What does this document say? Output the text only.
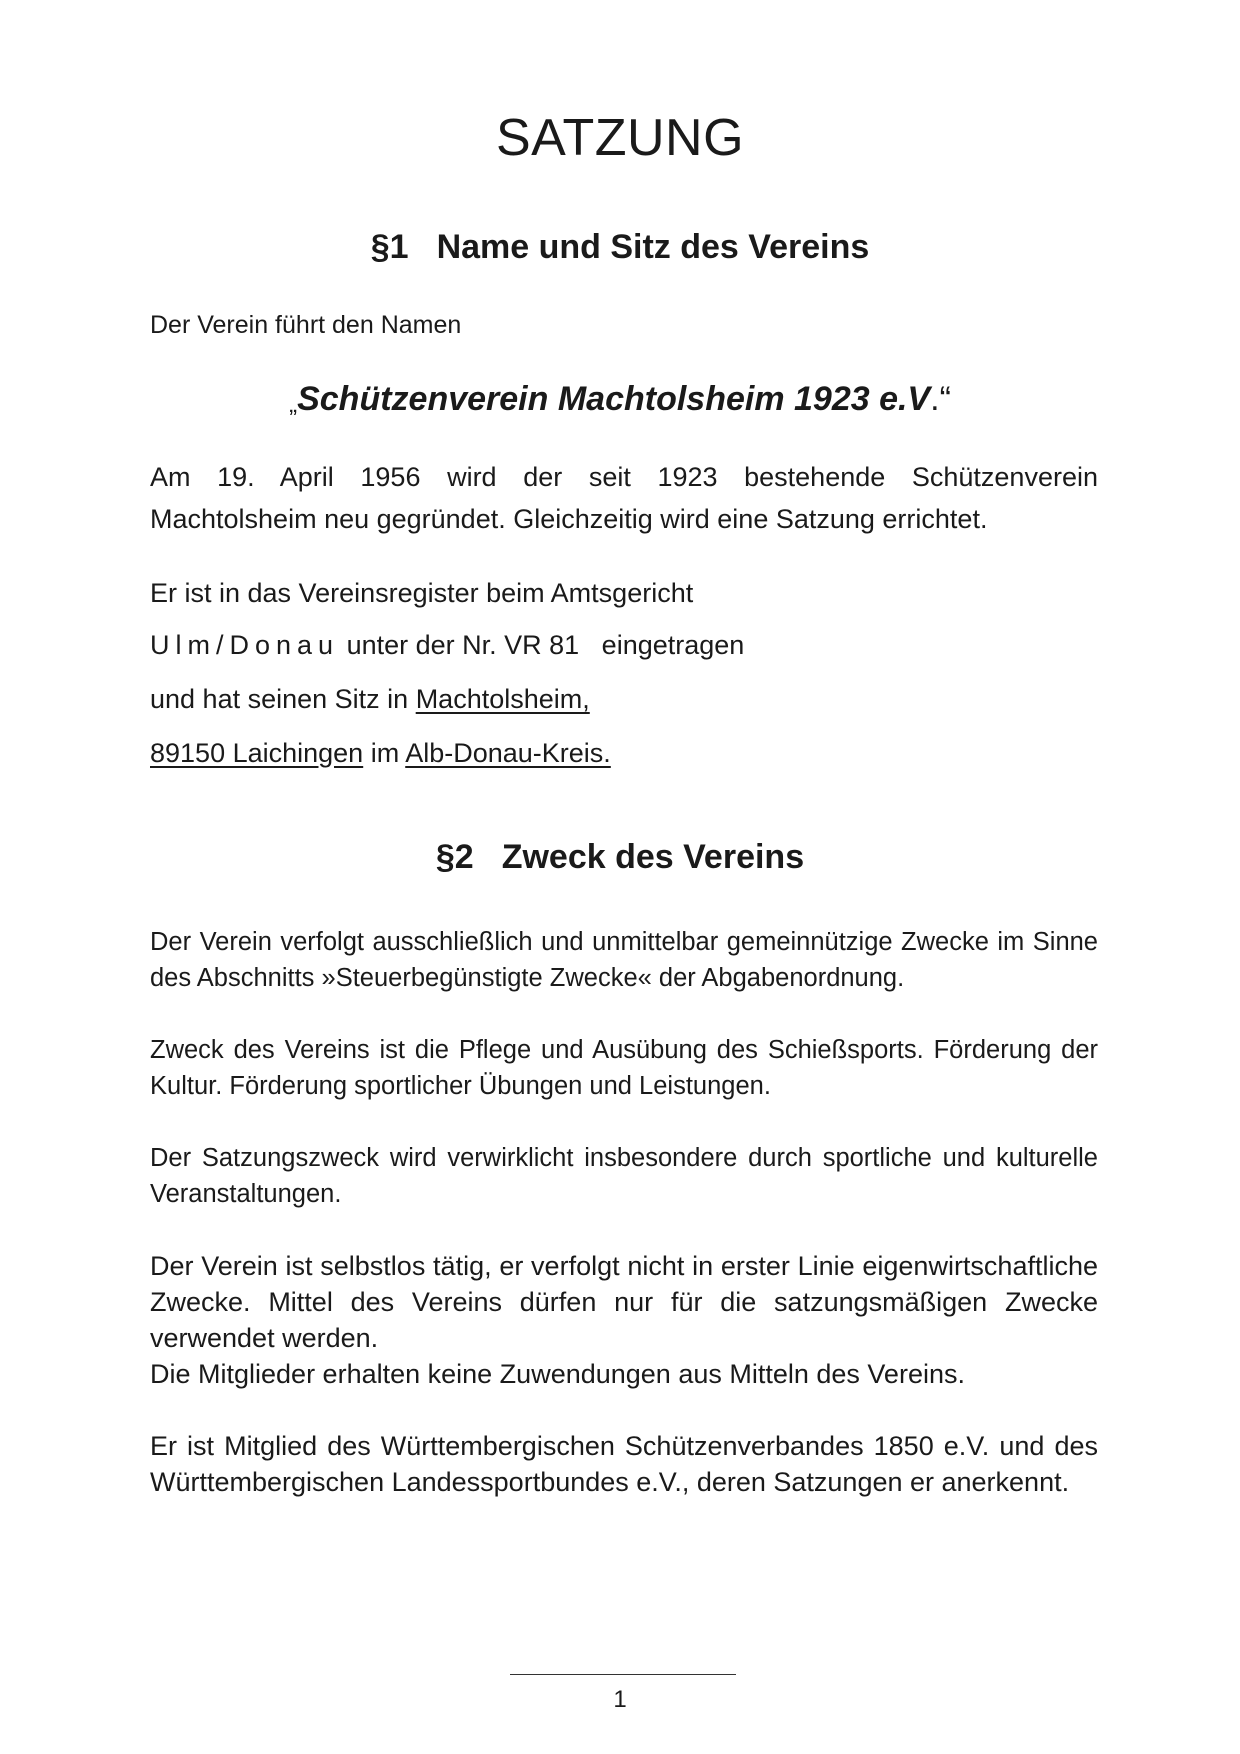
SATZUNG
§1 Name und Sitz des Vereins

Der Verein führt den Namen

„Schützenverein Machtolsheim 1923 e.V.“

Am 19. April 1956 wird der seit 1923 bestehende Schützenverein Machtolsheim neu gegründet. Gleichzeitig wird eine Satzung errichtet.

Er ist in das Vereinsregister beim Amtsgericht

Ulm/Donau unter der Nr. VR 81   eingetragen

und hat seinen Sitz in Machtolsheim,

89150 Laichingen im Alb-Donau-Kreis.

§2 Zweck des Vereins

Der Verein verfolgt ausschließlich und unmittelbar gemeinnützige Zwecke im Sinne des Abschnitts »Steuerbegünstigte Zwecke« der Abgabenordnung.

Zweck des Vereins ist die Pflege und Ausübung des Schießsports. Förderung der Kultur. Förderung sportlicher Übungen und Leistungen.

Der Satzungszweck wird verwirklicht insbesondere durch sportliche und kulturelle Veranstaltungen.

Der Verein ist selbstlos tätig, er verfolgt nicht in erster Linie eigenwirtschaftliche Zwecke. Mittel des Vereins dürfen nur für die satzungsmäßigen Zwecke verwendet werden.

Die Mitglieder erhalten keine Zuwendungen aus Mitteln des Vereins.

Er ist Mitglied des Württembergischen Schützenverbandes 1850 e.V. und des Württembergischen Landessportbundes e.V., deren Satzungen er anerkennt.

1
